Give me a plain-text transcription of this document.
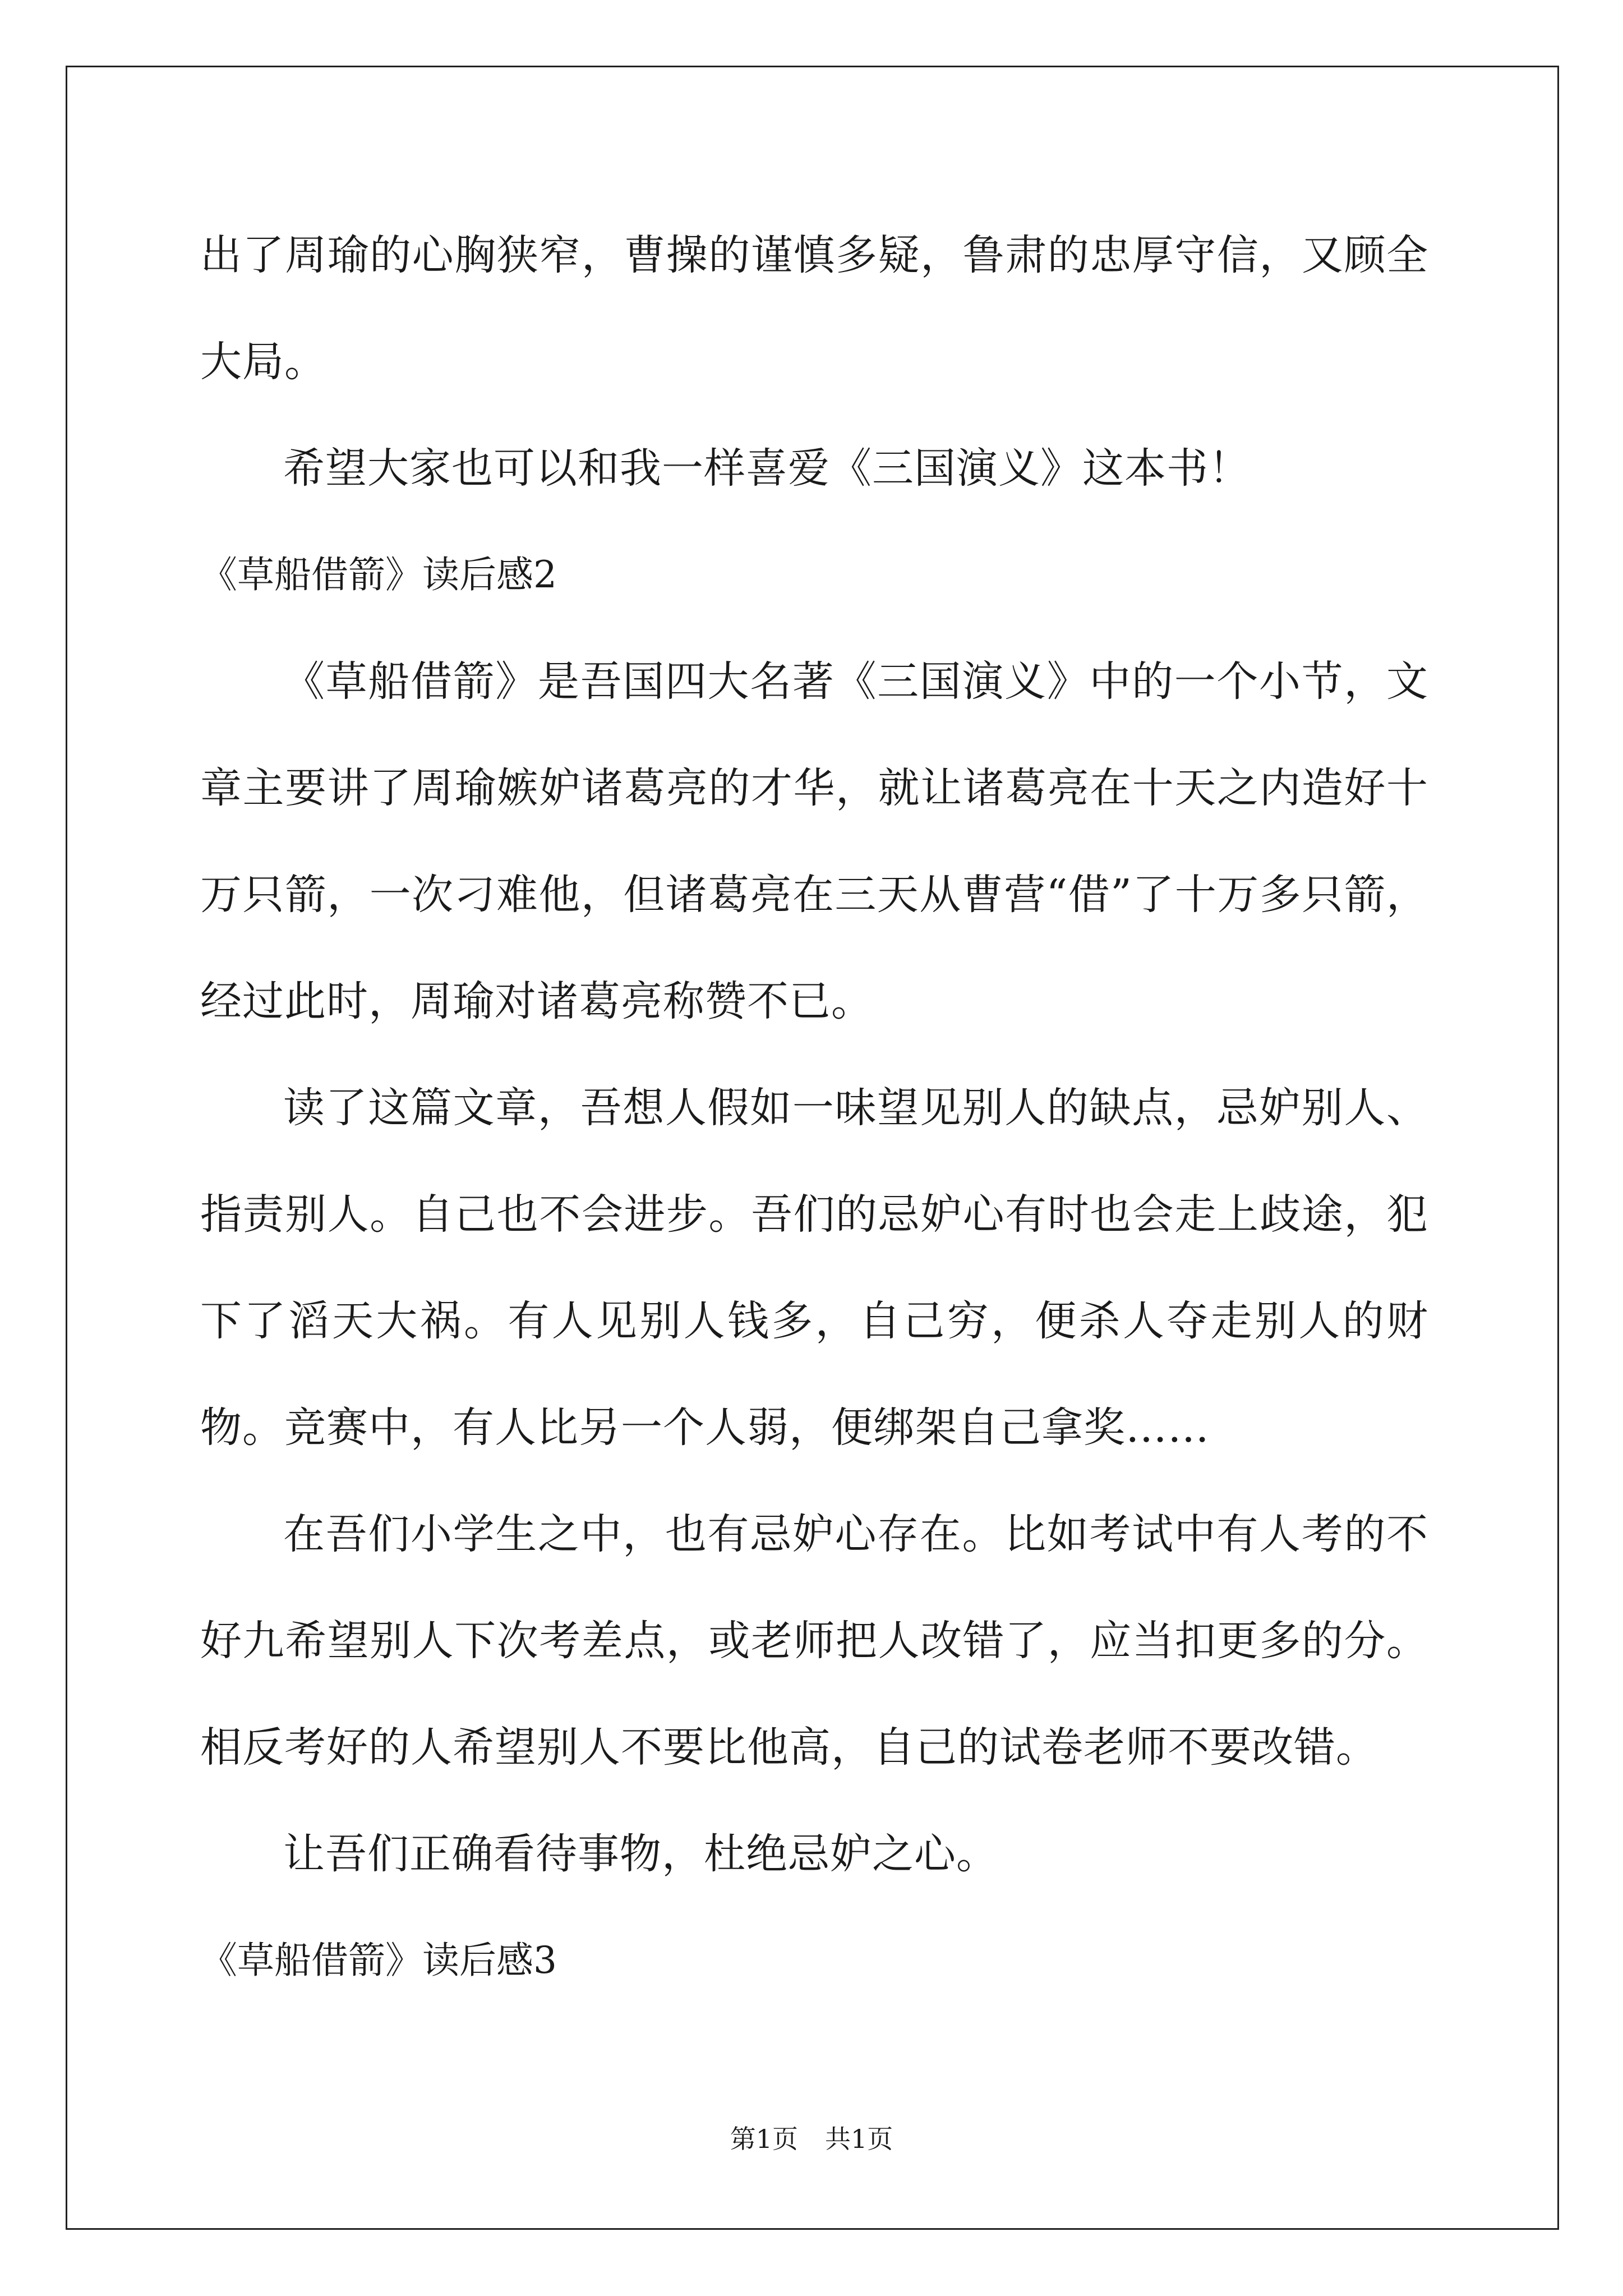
出了周瑜的心胸狭窄，曹操的谨慎多疑，鲁肃的忠厚守信，又顾全大局。

希望大家也可以和我一样喜爱《三国演义》这本书！

《草船借箭》读后感2

《草船借箭》是吾国四大名著《三国演义》中的一个小节，文章主要讲了周瑜嫉妒诸葛亮的才华，就让诸葛亮在十天之内造好十万只箭，一次刁难他，但诸葛亮在三天从曹营“借”了十万多只箭，经过此时，周瑜对诸葛亮称赞不已。

读了这篇文章，吾想人假如一味望见别人的缺点，忌妒别人、指责别人。自己也不会进步。吾们的忌妒心有时也会走上歧途，犯下了滔天大祸。有人见别人钱多，自己穷，便杀人夺走别人的财物。竞赛中，有人比另一个人弱，便绑架自己拿奖……

在吾们小学生之中，也有忌妒心存在。比如考试中有人考的不好九希望别人下次考差点，或老师把人改错了，应当扣更多的分。相反考好的人希望别人不要比他高，自己的试卷老师不要改错。

让吾们正确看待事物，杜绝忌妒之心。

《草船借箭》读后感3

第1页 共1页
